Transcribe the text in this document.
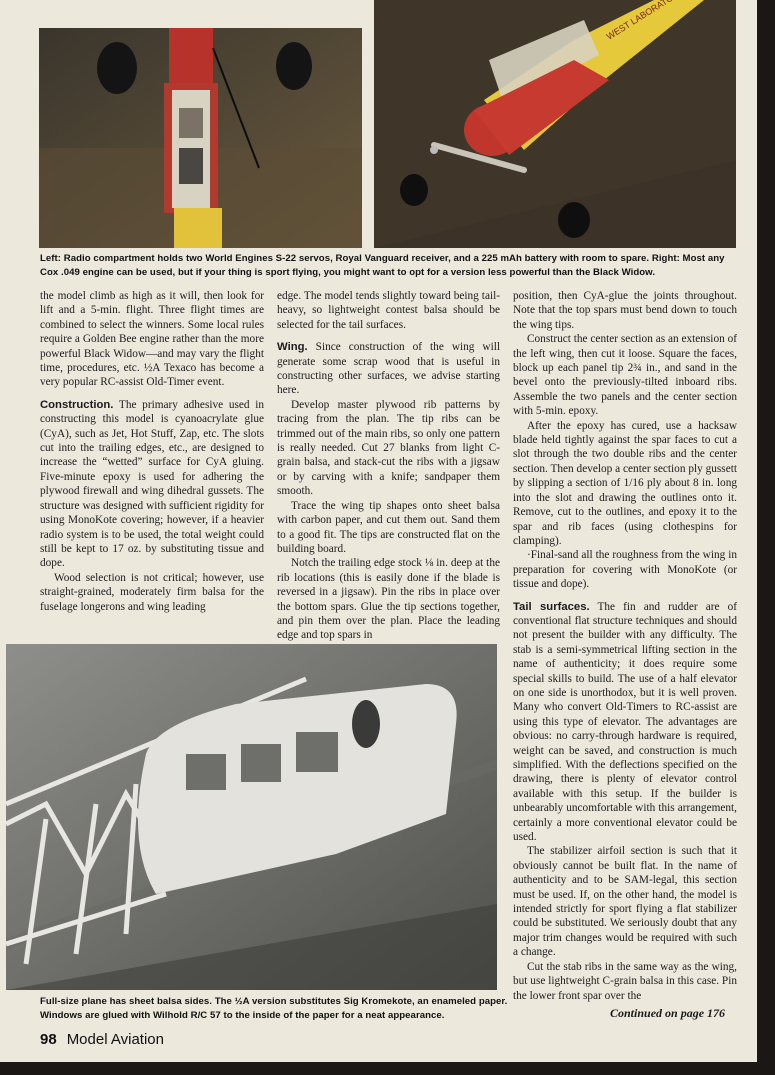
Left: Radio compartment holds two World Engines S-22 servos, Royal Vanguard receiver, and a 225 mAh battery with room to spare. Right: Most any Cox .049 engine can be used, but if your thing is sport flying, you might want to opt for a version less powerful than the Black Widow.

the model climb as high as it will, then look for lift and a 5-min. flight. Three flight times are combined to select the winners. Some local rules require a Golden Bee engine rather than the more powerful Black Widow—and may vary the flight time, procedures, etc. ½A Texaco has become a very popular RC-assist Old-Timer event.

Construction. The primary adhesive used in constructing this model is cyanoacrylate glue (CyA), such as Jet, Hot Stuff, Zap, etc. The slots cut into the trailing edges, etc., are designed to increase the “wetted” surface for CyA gluing. Five-minute epoxy is used for adhering the plywood firewall and wing dihedral gussets. The structure was designed with sufficient rigidity for using MonoKote covering; however, if a heavier radio system is to be used, the total weight could still be kept to 17 oz. by substituting tissue and dope.

Wood selection is not critical; however, use straight-grained, moderately firm balsa for the fuselage longerons and wing leading

edge. The model tends slightly toward being tail-heavy, so lightweight contest balsa should be selected for the tail surfaces.

Wing. Since construction of the wing will generate some scrap wood that is useful in constructing other surfaces, we advise starting here.

Develop master plywood rib patterns by tracing from the plan. The tip ribs can be trimmed out of the main ribs, so only one pattern is really needed. Cut 27 blanks from light C-grain balsa, and stack-cut the ribs with a jigsaw or by carving with a knife; sandpaper them smooth.

Trace the wing tip shapes onto sheet balsa with carbon paper, and cut them out. Sand them to a good fit. The tips are constructed flat on the building board.

Notch the trailing edge stock ⅛ in. deep at the rib locations (this is easily done if the blade is reversed in a jigsaw). Pin the ribs in place over the bottom spars. Glue the tip sections together, and pin them over the plan. Place the leading edge and top spars in

position, then CyA-glue the joints throughout. Note that the top spars must bend down to touch the wing tips.

Construct the center section as an extension of the left wing, then cut it loose. Square the faces, block up each panel tip 2¾ in., and sand in the bevel onto the previously-tilted inboard ribs. Assemble the two panels and the center section with 5-min. epoxy.

After the epoxy has cured, use a hacksaw blade held tightly against the spar faces to cut a slot through the two double ribs and the center section. Then develop a center section ply gussett by slipping a section of 1/16 ply about 8 in. long into the slot and drawing the outlines onto it. Remove, cut to the outlines, and epoxy it to the spar and rib faces (using clothespins for clamping).

·Final-sand all the roughness from the wing in preparation for covering with MonoKote (or tissue and dope).

Tail surfaces. The fin and rudder are of conventional flat structure techniques and should not present the builder with any difficulty. The stab is a semi-symmetrical lifting section in the name of authenticity; it does require some special skills to build. The use of a half elevator on one side is unorthodox, but it is well proven. Many who convert Old-Timers to RC-assist are using this type of elevator. The advantages are obvious: no carry-through hardware is required, weight can be saved, and construction is much simplified. With the deflections specified on the drawing, there is plenty of elevator control available with this setup. If the builder is unbearably uncomfortable with this arrangement, certainly a more conventional elevator could be used.

The stabilizer airfoil section is such that it obviously cannot be built flat. In the name of authenticity and to be SAM-legal, this section must be used. If, on the other hand, the model is intended strictly for sport flying a flat stabilizer could be substituted. We seriously doubt that any major trim changes would be required with such a change.

Cut the stab ribs in the same way as the wing, but use lightweight C-grain balsa in this case. Pin the lower front spar over the

Full-size plane has sheet balsa sides. The ½A version substitutes Sig Kromekote, an enameled paper. Windows are glued with Wilhold R/C 57 to the inside of the paper for a neat appearance.	Continued on page 176
98 Model Aviation
